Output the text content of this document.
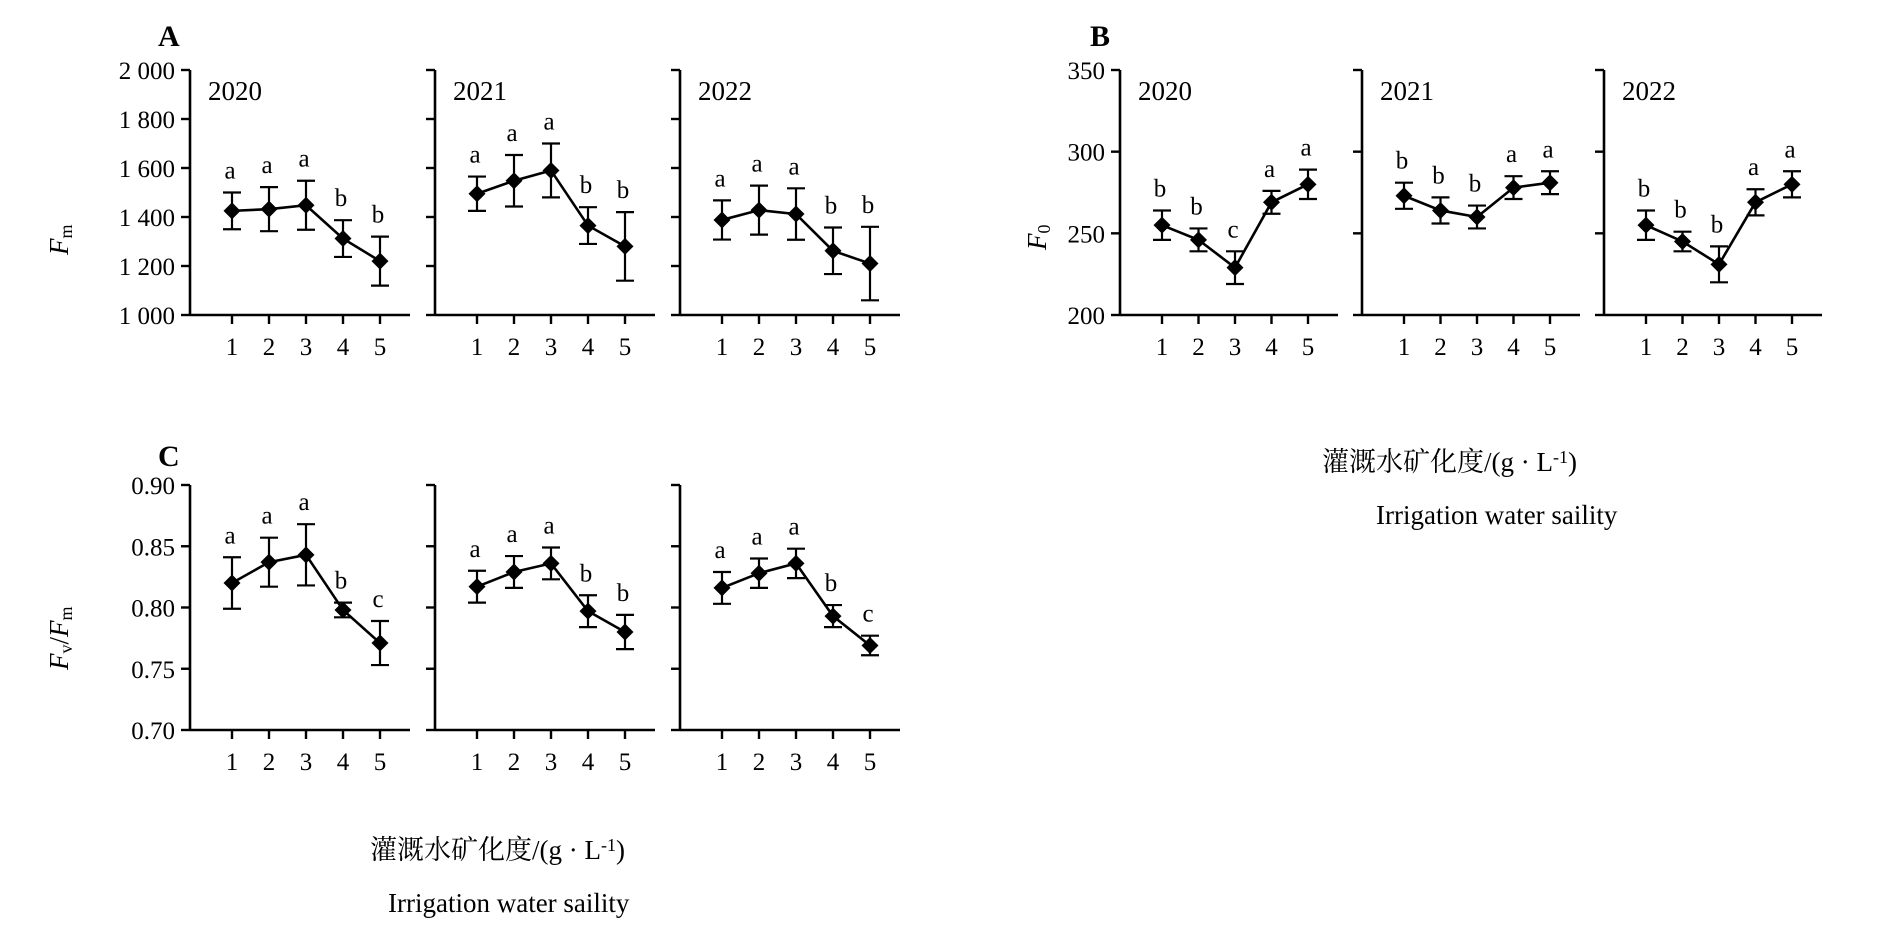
A
$F_m$
1 000
1 200
1 400
1 600
1 800
2 000
1 2 3 4 5
2020
a a a
b
b
1 2 3 4 5
2021
a
a a
b b
1 2 3 4 5
2022
a
a a
b b
B
$F_0$
200
250
300
350
1 2 3 4 5
2020
b
b
c
a
a
1 2 3 4 5
2021
b
b b
a a
1 2 3 4 5
2022
b
b
b
a
a
灌溉水矿化度$/(g \cdot L^{-1})$
Irrigation water saility
C
$F_v/F_m$
0.70
0.75
0.80
0.85
0.90
1 2 3 4 5
a
a a
b
c
1 2 3 4 5
a
a a
b
b
1 2 3 4 5
a a a
b
c
灌溉水矿化度$/(g \cdot L^{-1})$
Irrigation water saility
